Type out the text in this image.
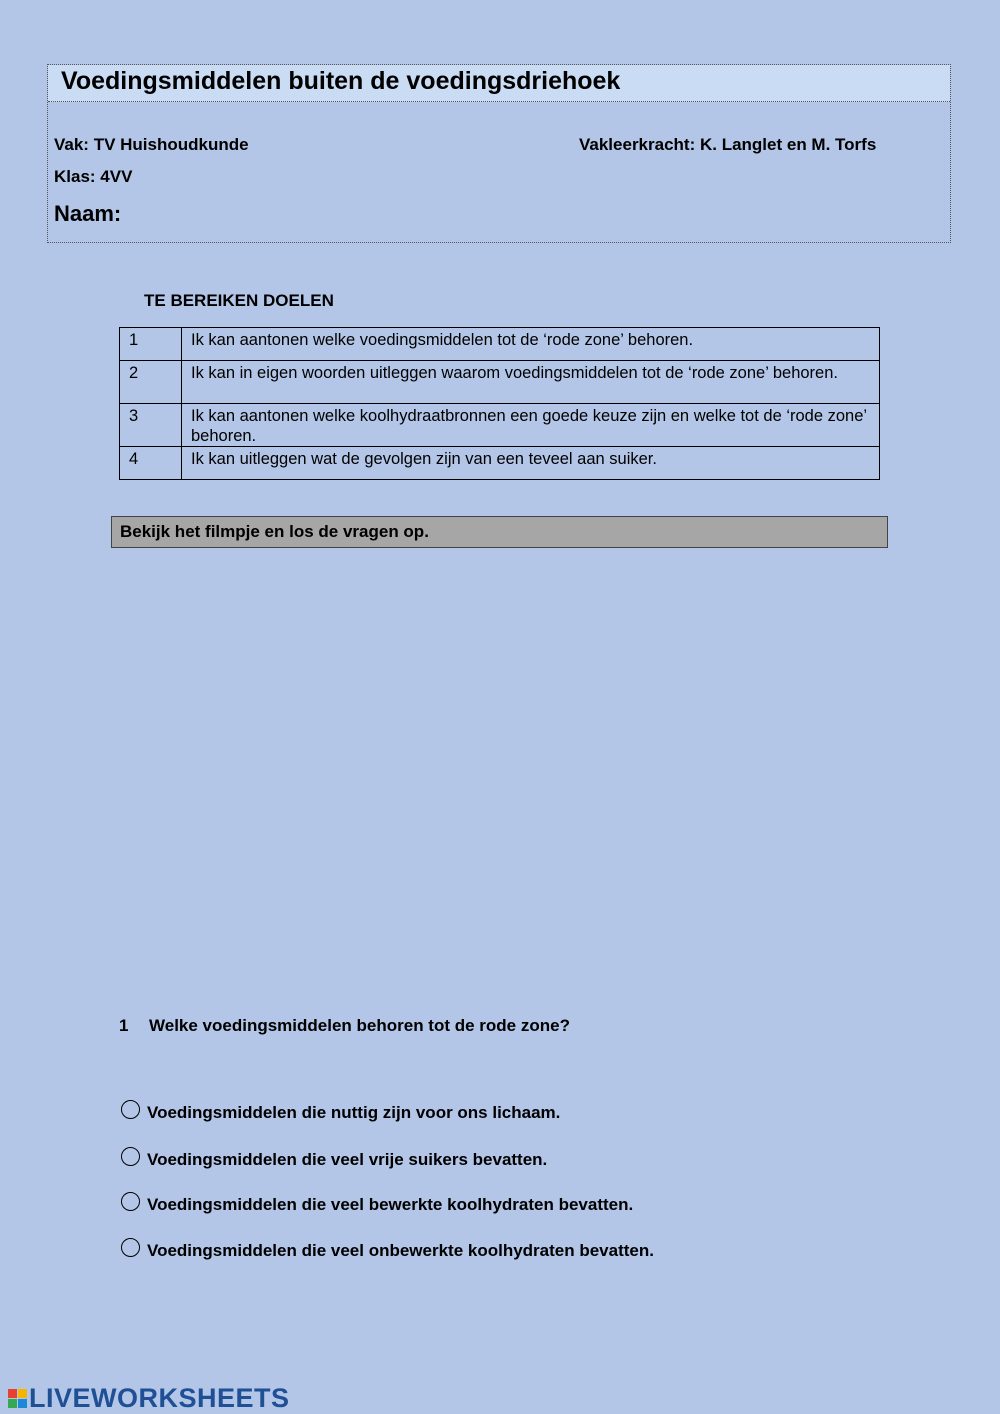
Voedingsmiddelen buiten de voedingsdriehoek
Vak: TV Huishoudkunde	Vakleerkracht: K. Langlet en M. Torfs
Klas: 4VV
Naam:
TE BEREIKEN DOELEN
1	Ik kan aantonen welke voedingsmiddelen tot de ‘rode zone’ behoren.
2	Ik kan in eigen woorden uitleggen waarom voedingsmiddelen tot de ‘rode zone’ behoren.
3	Ik kan aantonen welke koolhydraatbronnen een goede keuze zijn en welke tot de ‘rode zone’ behoren.
4	Ik kan uitleggen wat de gevolgen zijn van een teveel aan suiker.
Bekijk het filmpje en los de vragen op.
1 Welke voedingsmiddelen behoren tot de rode zone?
Voedingsmiddelen die nuttig zijn voor ons lichaam.
Voedingsmiddelen die veel vrije suikers bevatten.
Voedingsmiddelen die veel bewerkte koolhydraten bevatten.
Voedingsmiddelen die veel onbewerkte koolhydraten bevatten.
LIVEWORKSHEETS
